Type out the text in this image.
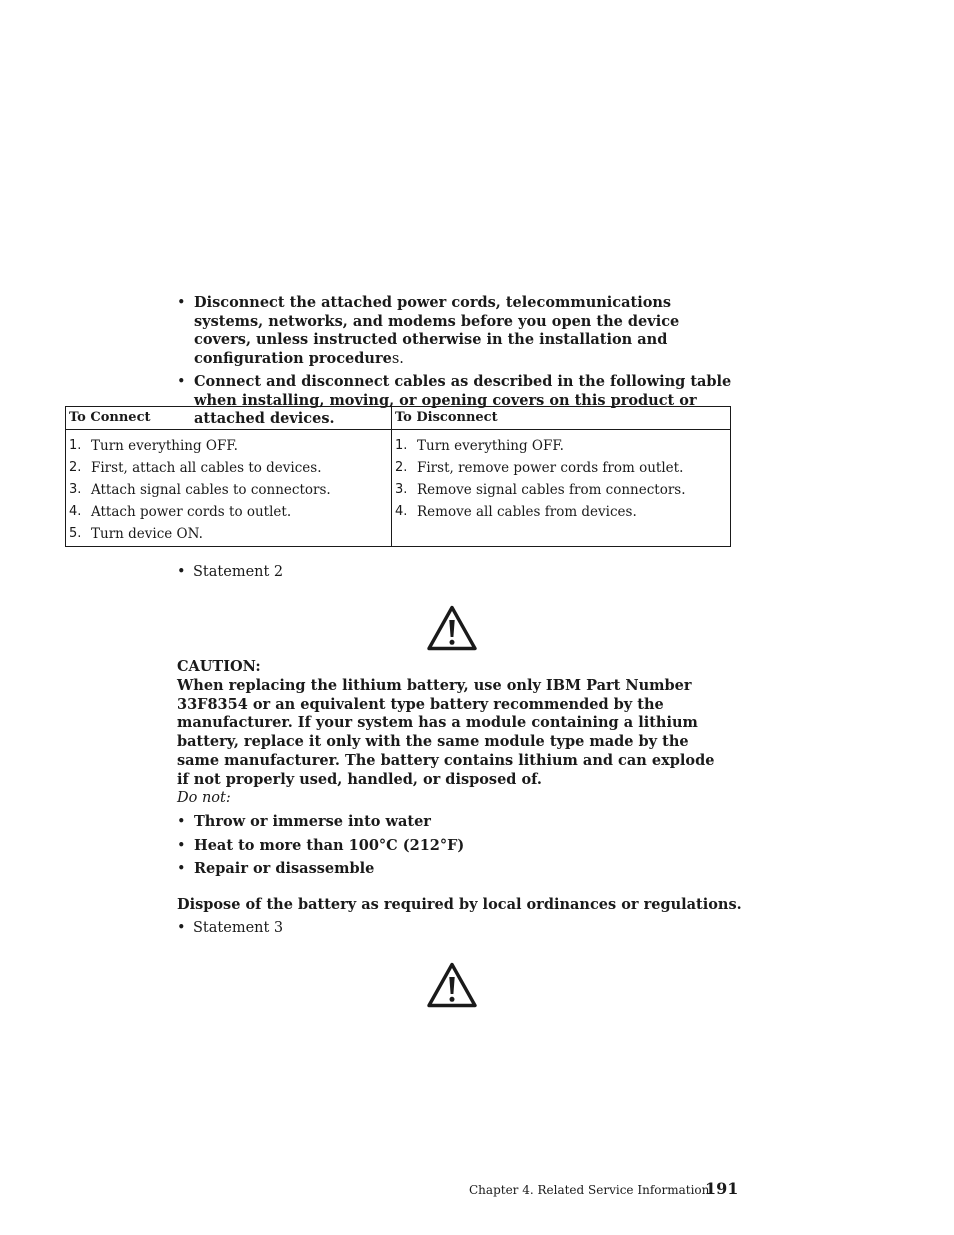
• Disconnect the attached power cords, telecommunications systems, networks, and modems before you open the device covers, unless instructed otherwise in the installation and configuration procedures.
• Connect and disconnect cables as described in the following table when installing, moving, or opening covers on this product or attached devices.
To Connect
1. Turn everything OFF.
2. First, attach all cables to devices.
3. Attach signal cables to connectors.
4. Attach power cords to outlet.
5. Turn device ON.
To Disconnect
1. Turn everything OFF.
2. First, remove power cords from outlet.
3. Remove signal cables from connectors.
4. Remove all cables from devices.
• Statement 2
CAUTION:
When replacing the lithium battery, use only IBM Part Number 33F8354 or an equivalent type battery recommended by the manufacturer. If your system has a module containing a lithium battery, replace it only with the same module type made by the same manufacturer. The battery contains lithium and can explode if not properly used, handled, or disposed of.
Do not:
• Throw or immerse into water
• Heat to more than 100°C (212°F)
• Repair or disassemble
Dispose of the battery as required by local ordinances or regulations.
• Statement 3
Chapter 4. Related Service Information
191
